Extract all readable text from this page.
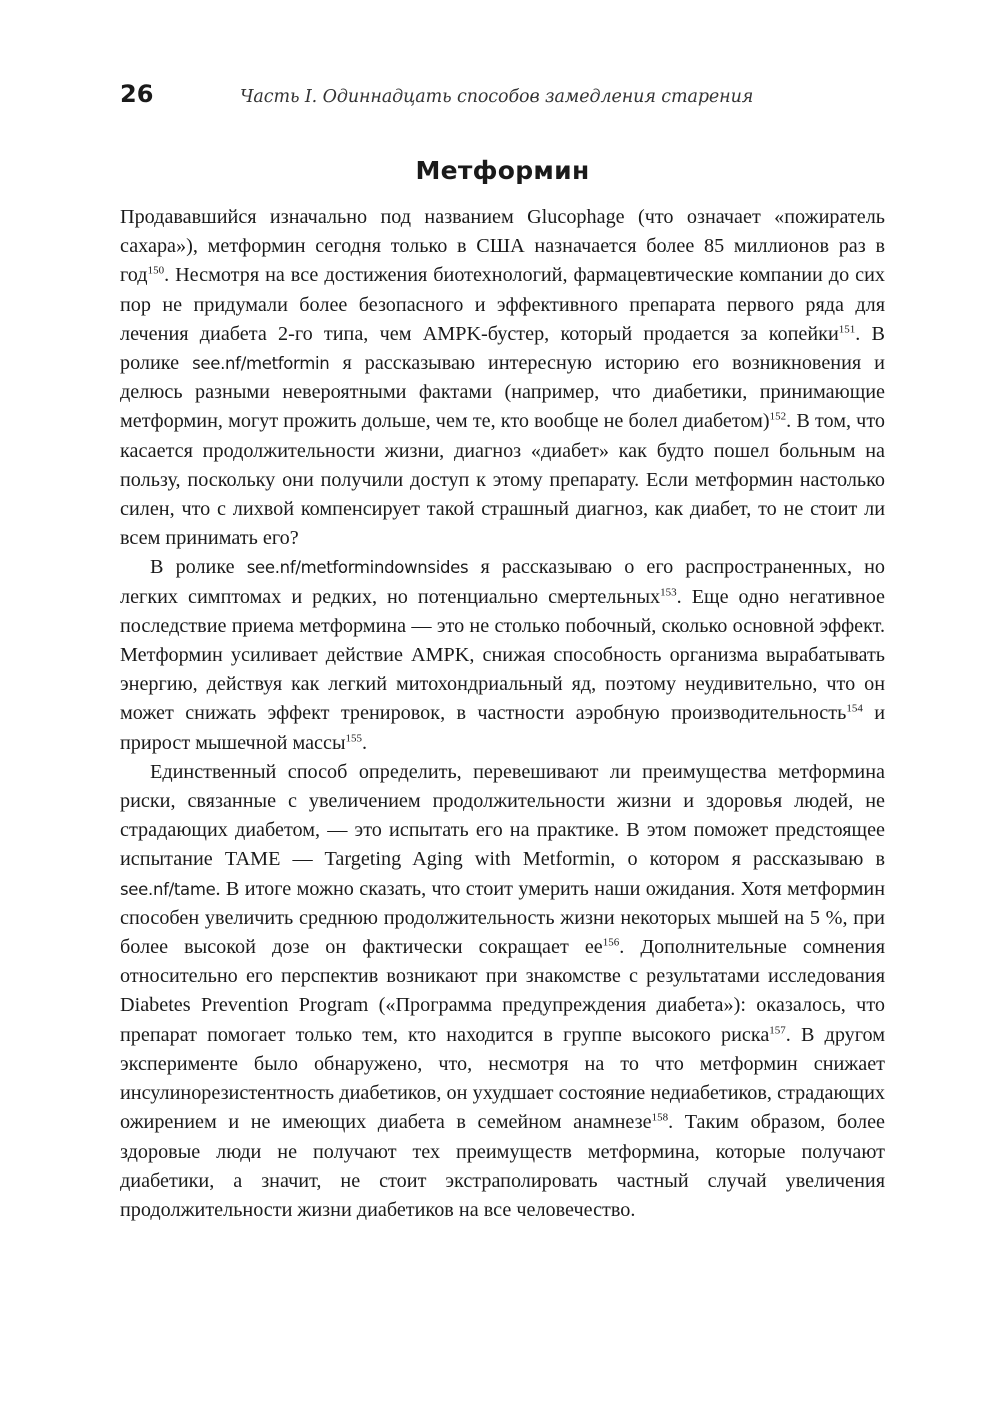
26	Часть I. Одиннадцать способов замедления старения
Метформин

Продававшийся изначально под названием Glucophage (что означает «пожиратель сахара»), метформин сегодня только в США назначается более 85 миллионов раз в год$^{150}$. Несмотря на все достижения биотехнологий, фармацевтические компании до сих пор не придумали более безопасного и эффективного препарата первого ряда для лечения диабета 2-го типа, чем AMPK-бустер, который продается за копейки$^{151}$. В ролике see.nf/metformin я рассказываю интересную историю его возникновения и делюсь разными невероятными фактами (например, что диабетики, принимающие метформин, могут прожить дольше, чем те, кто вообще не болел диабетом)$^{152}$. В том, что касается продолжительности жизни, диагноз «диабет» как будто пошел больным на пользу, поскольку они получили доступ к этому препарату. Если метформин настолько силен, что с лихвой компенсирует такой страшный диагноз, как диабет, то не стоит ли всем принимать его?

В ролике see.nf/metformindownsides я рассказываю о его распространенных, но легких симптомах и редких, но потенциально смертельных$^{153}$. Еще одно негативное последствие приема метформина — это не столько побочный, сколько основной эффект. Метформин усиливает действие AMPK, снижая способность организма вырабатывать энергию, действуя как легкий митохондриальный яд, поэтому неудивительно, что он может снижать эффект тренировок, в частности аэробную производительность$^{154}$ и прирост мышечной массы$^{155}$.

Единственный способ определить, перевешивают ли преимущества метформина риски, связанные с увеличением продолжительности жизни и здоровья людей, не страдающих диабетом, — это испытать его на практике. В этом поможет предстоящее испытание TAME — Targeting Aging with Metformin, о котором я рассказываю в see.nf/tame. В итоге можно сказать, что стоит умерить наши ожидания. Хотя метформин способен увеличить среднюю продолжительность жизни некоторых мышей на 5 %, при более высокой дозе он фактически сокращает $ее^{156}$. Дополнительные сомнения относительно его перспектив возникают при знакомстве с результатами исследования Diabetes Prevention Program («Программа предупреждения диабета»): оказалось, что препарат помогает только тем, кто находится в группе высокого риска$^{157}$. В другом эксперименте было обнаружено, что, несмотря на то что метформин снижает инсулинорезистентность диабетиков, он ухудшает состояние недиабетиков, страдающих ожирением и не имеющих диабета в семейном анамнезе$^{158}$. Таким образом, более здоровые люди не получают тех преимуществ метформина, которые получают диабетики, а значит, не стоит экстраполировать частный случай увеличения продолжительности жизни диабетиков на все человечество.
